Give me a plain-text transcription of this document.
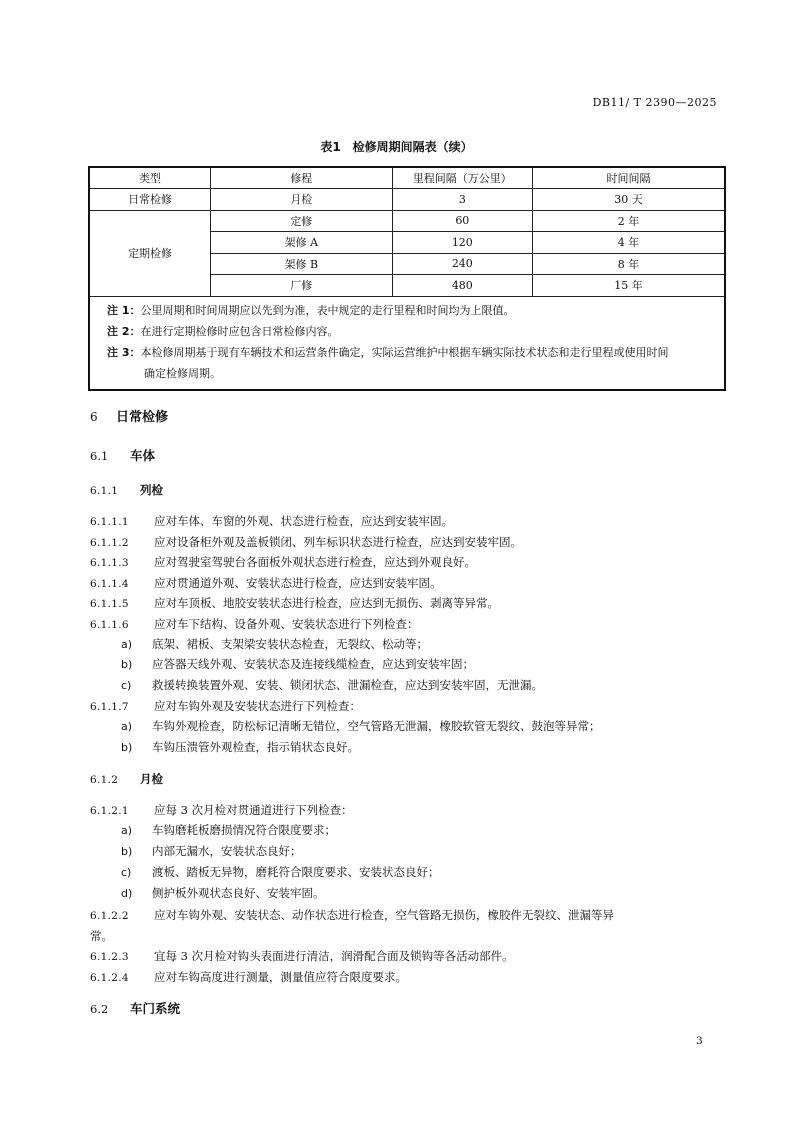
DB11/ T 2390—2025
表1　检修周期间隔表（续）
类型	修程	里程间隔（万公里）	时间间隔
日常检修	月检	3	30 天
定期检修	定修	60	2 年
	架修 A	120	4 年
	架修 B	240	8 年
	厂修	480	15 年

注 1：公里周期和时间周期应以先到为准，表中规定的走行里程和时间均为上限值。
注 2：在进行定期检修时应包含日常检修内容。
注 3：本检修周期基于现有车辆技术和运营条件确定，实际运营维护中根据车辆实际技术状态和走行里程或使用时间
确定检修周期。			
6 日常检修
6.1 车体
6.1.1 列检
6.1.1.1 应对车体、车窗的外观、状态进行检查，应达到安装牢固。
6.1.1.2 应对设备柜外观及盖板锁闭、列车标识状态进行检查，应达到安装牢固。
6.1.1.3 应对驾驶室驾驶台各面板外观状态进行检查，应达到外观良好。
6.1.1.4 应对贯通道外观、安装状态进行检查，应达到安装牢固。
6.1.1.5 应对车顶板、地胶安装状态进行检查，应达到无损伤、剥离等异常。
6.1.1.6 应对车下结构、设备外观、安装状态进行下列检查：
a) 底架、裙板、支架梁安装状态检查，无裂纹、松动等；
b) 应答器天线外观、安装状态及连接线缆检查，应达到安装牢固；
c) 救援转换装置外观、安装、锁闭状态、泄漏检查，应达到安装牢固，无泄漏。
6.1.1.7 应对车钩外观及安装状态进行下列检查：
a) 车钩外观检查，防松标记清晰无错位，空气管路无泄漏，橡胶软管无裂纹、鼓泡等异常；
b) 车钩压溃管外观检查，指示销状态良好。
6.1.2 月检
6.1.2.1 应每 3 次月检对贯通道进行下列检查：
a) 车钩磨耗板磨损情况符合限度要求；
b) 内部无漏水，安装状态良好；
c) 渡板、踏板无异物，磨耗符合限度要求、安装状态良好；
d) 侧护板外观状态良好、安装牢固。
6.1.2.2 应对车钩外观、安装状态、动作状态进行检查，空气管路无损伤，橡胶件无裂纹、泄漏等异
常。
6.1.2.3 宜每 3 次月检对钩头表面进行清洁，润滑配合面及锁钩等各活动部件。
6.1.2.4 应对车钩高度进行测量，测量值应符合限度要求。
6.2 车门系统
3
